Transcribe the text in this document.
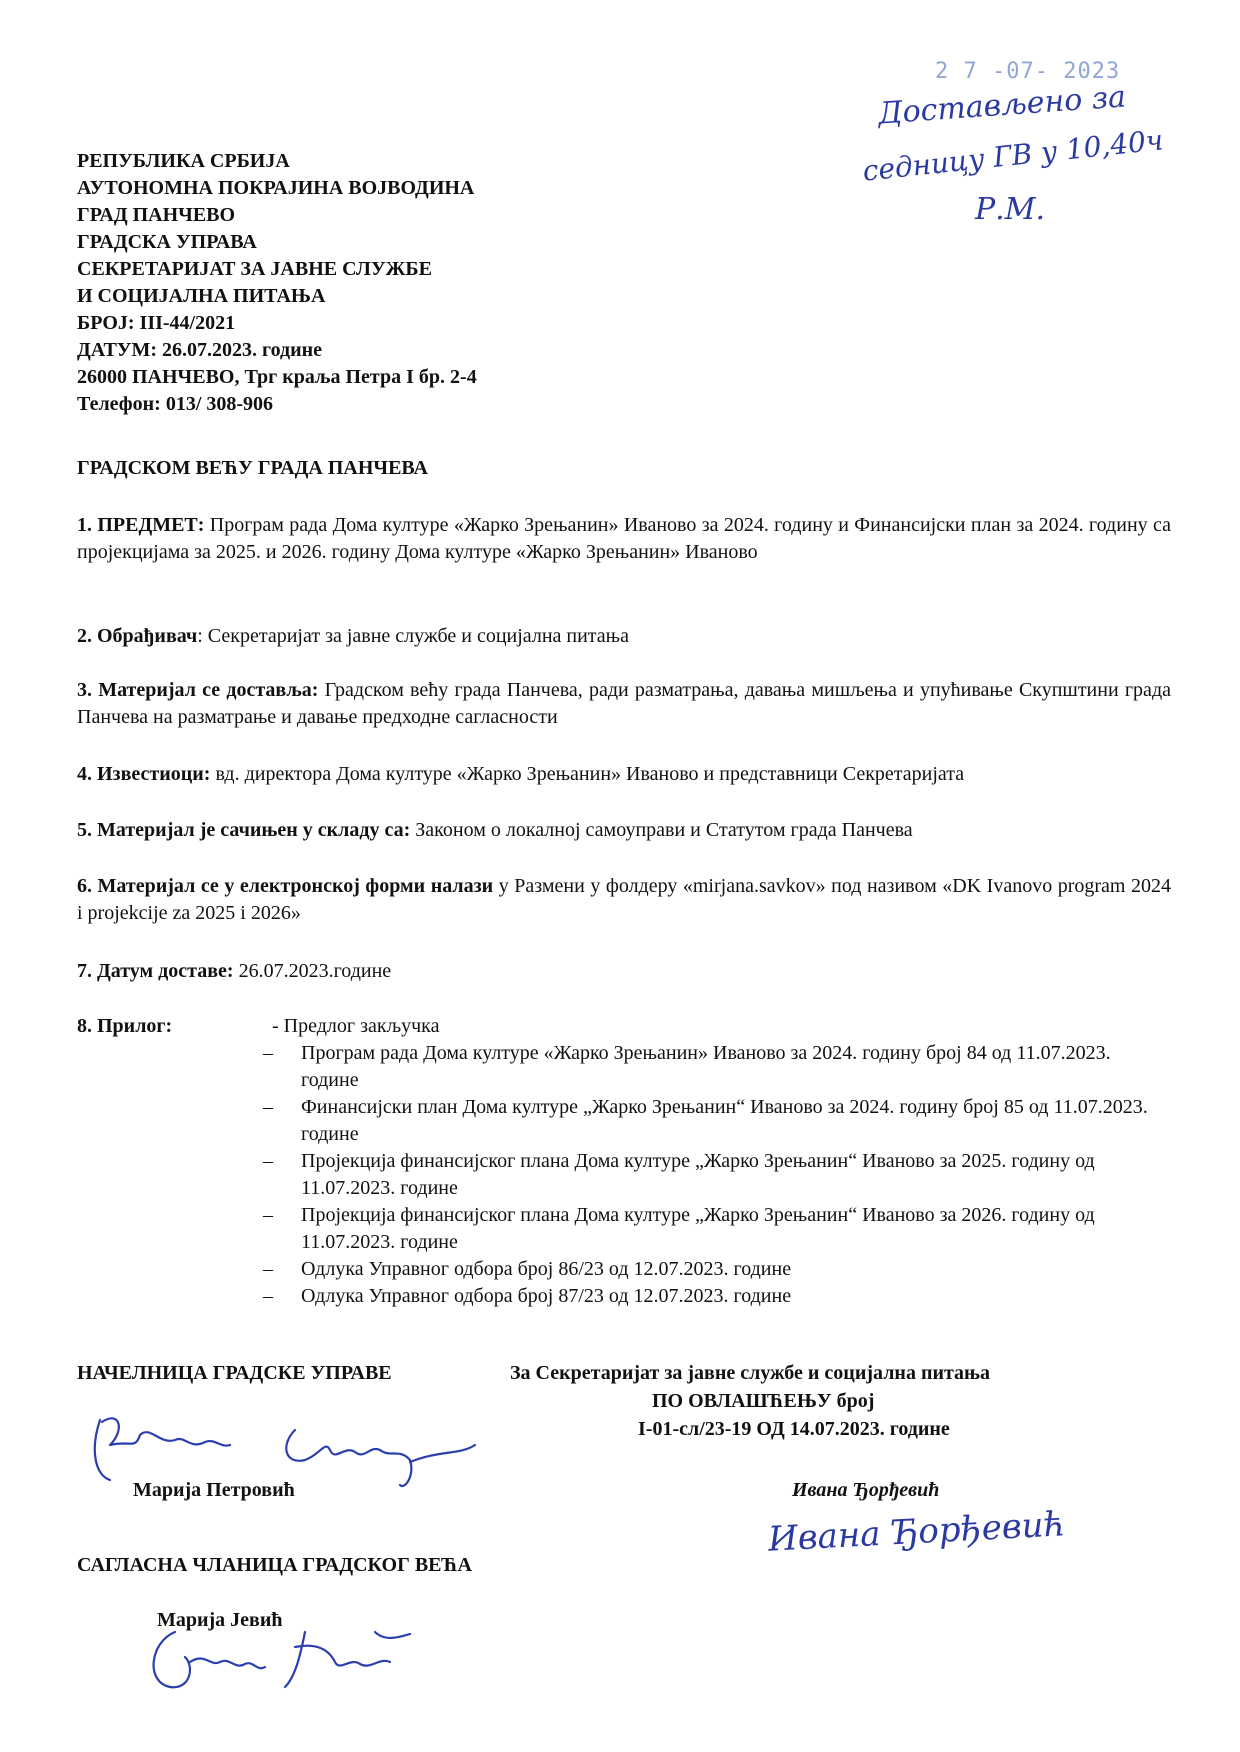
2 7 -07- 2023
Достављено за
седницу ГВ у 10,40ч
Р.М.
РЕПУБЛИКА СРБИЈА
АУТОНОМНА ПОКРАЈИНА ВОЈВОДИНА
ГРАД ПАНЧЕВО
ГРАДСКА УПРАВА
СЕКРЕТАРИЈАТ ЗА ЈАВНЕ СЛУЖБЕ
И СОЦИЈАЛНА ПИТАЊА
БРОЈ: III-44/2021
ДАТУМ: 26.07.2023. године
26000 ПАНЧЕВО, Трг краља Петра I бр. 2-4
Телефон: 013/ 308-906
ГРАДСКОМ ВЕЋУ ГРАДА ПАНЧЕВА
1. ПРЕДМЕТ: Програм рада Дома културе «Жарко Зрењанин» Иваново за 2024. годину и Финансијски план за 2024. годину са пројекцијама за 2025. и 2026. годину Дома културе «Жарко Зрењанин» Иваново
2. Обрађивач: Секретаријат за јавне службе и социјална питања
3. Материјал се доставља: Градском већу града Панчева, ради разматрања, давања мишљења и упућивање Скупштини града Панчева на разматрање и давање предходне сагласности
4. Известиоци: вд. директора Дома културе «Жарко Зрењанин» Иваново и представници Секретаријата
5. Материјал је сачињен у складу са: Законом о локалној самоуправи и Статутом града Панчева
6. Материјал се у електронској форми налази у Размени у фолдеру «mirjana.savkov» под називом «DK Ivanovo program 2024 i projekcije za 2025 i 2026»
7. Датум доставе: 26.07.2023.године
8. Прилог:	- Предлог закључка
– Програм рада Дома културе «Жарко Зрењанин» Иваново за 2024. годину број 84 од 11.07.2023. године
– Финансијски план Дома културе „Жарко Зрењанин“ Иваново за 2024. годину број 85 од 11.07.2023. године
– Пројекција финансијског плана Дома културе „Жарко Зрењанин“ Иваново за 2025. годину од 11.07.2023. године
– Пројекција финансијског плана Дома културе „Жарко Зрењанин“ Иваново за 2026. годину од 11.07.2023. године
– Одлука Управног одбора број 86/23 од 12.07.2023. године
– Одлука Управног одбора број 87/23 од 12.07.2023. године
НАЧЕЛНИЦА ГРАДСКЕ УПРАВЕ	За Секретаријат за јавне службе и социјална питања
ПО ОВЛАШЋЕЊУ број
I-01-сл/23-19 ОД 14.07.2023. године
Марија Петровић	Ивана Ђорђевић
Ивана Ђорђевић
САГЛАСНА ЧЛАНИЦА ГРАДСКОГ ВЕЋА
Марија Јевић
